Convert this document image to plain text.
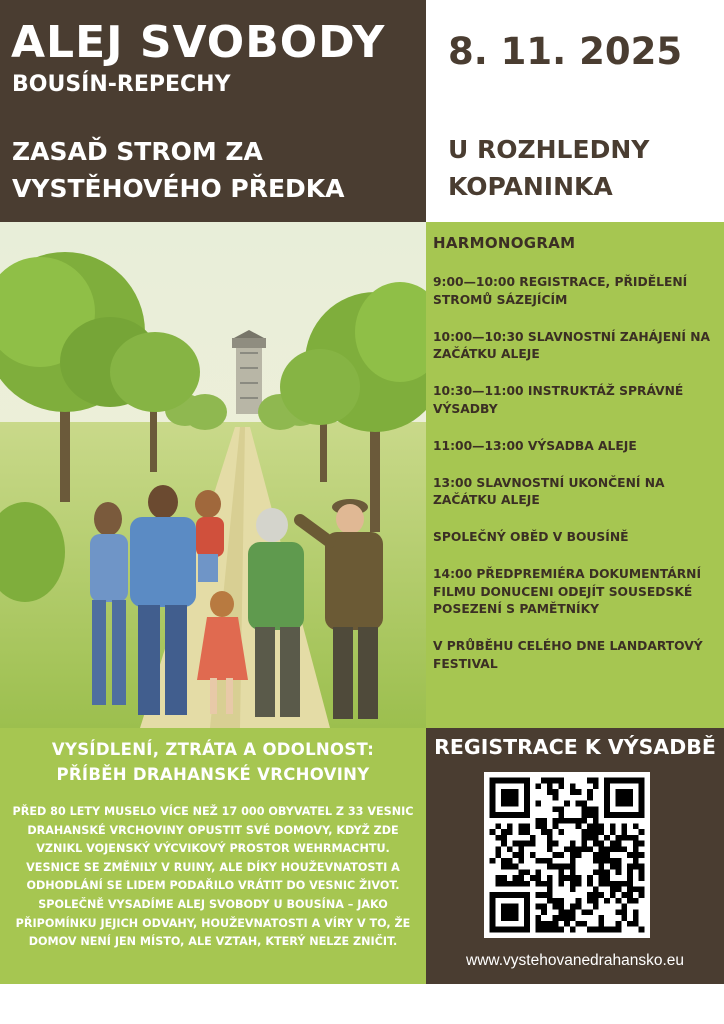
ALEJ SVOBODY
BOUSÍN-REPECHY
ZASAĎ STROM ZA VYSTĚHOVÉHO PŘEDKA
8. 11. 2025
U ROZHLEDNY KOPANINKA
HARMONOGRAM
9:00—10:00 REGISTRACE, PŘIDĚLENÍ STROMŮ SÁZEJÍCÍM
10:00—10:30 SLAVNOSTNÍ ZAHÁJENÍ NA ZAČÁTKU ALEJE
10:30—11:00 INSTRUKTÁŽ SPRÁVNÉ VÝSADBY
11:00—13:00 VÝSADBA ALEJE
13:00 SLAVNOSTNÍ UKONČENÍ NA ZAČÁTKU ALEJE
SPOLEČNÝ OBĚD V BOUSÍNĚ
14:00 PŘEDPREMIÉRA DOKUMENTÁRNÍ FILMU DONUCENI ODEJÍT SOUSEDSKÉ POSEZENÍ S PAMĚTNÍKY
V PRŮBĚHU CELÉHO DNE LANDARTOVÝ FESTIVAL
VYSÍDLENÍ, ZTRÁTA A ODOLNOST: PŘÍBĚH DRAHANSKÉ VRCHOVINY

PŘED 80 LETY MUSELO VÍCE NEŽ 17 000 OBYVATEL Z 33 VESNIC DRAHANSKÉ VRCHOVINY OPUSTIT SVÉ DOMOVY, KDYŽ ZDE VZNIKL VOJENSKÝ VÝCVIKOVÝ PROSTOR WEHRMACHTU. VESNICE SE ZMĚNILY V RUINY, ALE DÍKY HOUŽEVNATOSTI A ODHODLÁNÍ SE LIDEM PODAŘILO VRÁTIT DO VESNIC ŽIVOT. SPOLEČNĚ VYSADÍME ALEJ SVOBODY U BOUSÍNA – JAKO PŘIPOMÍNKU JEJICH ODVAHY, HOUŽEVNATOSTI A VÍRY V TO, ŽE DOMOV NENÍ JEN MÍSTO, ALE VZTAH, KTERÝ NELZE ZNIČIT.

REGISTRACE K VÝSADBĚ
www.vystehovanedrahansko.eu
